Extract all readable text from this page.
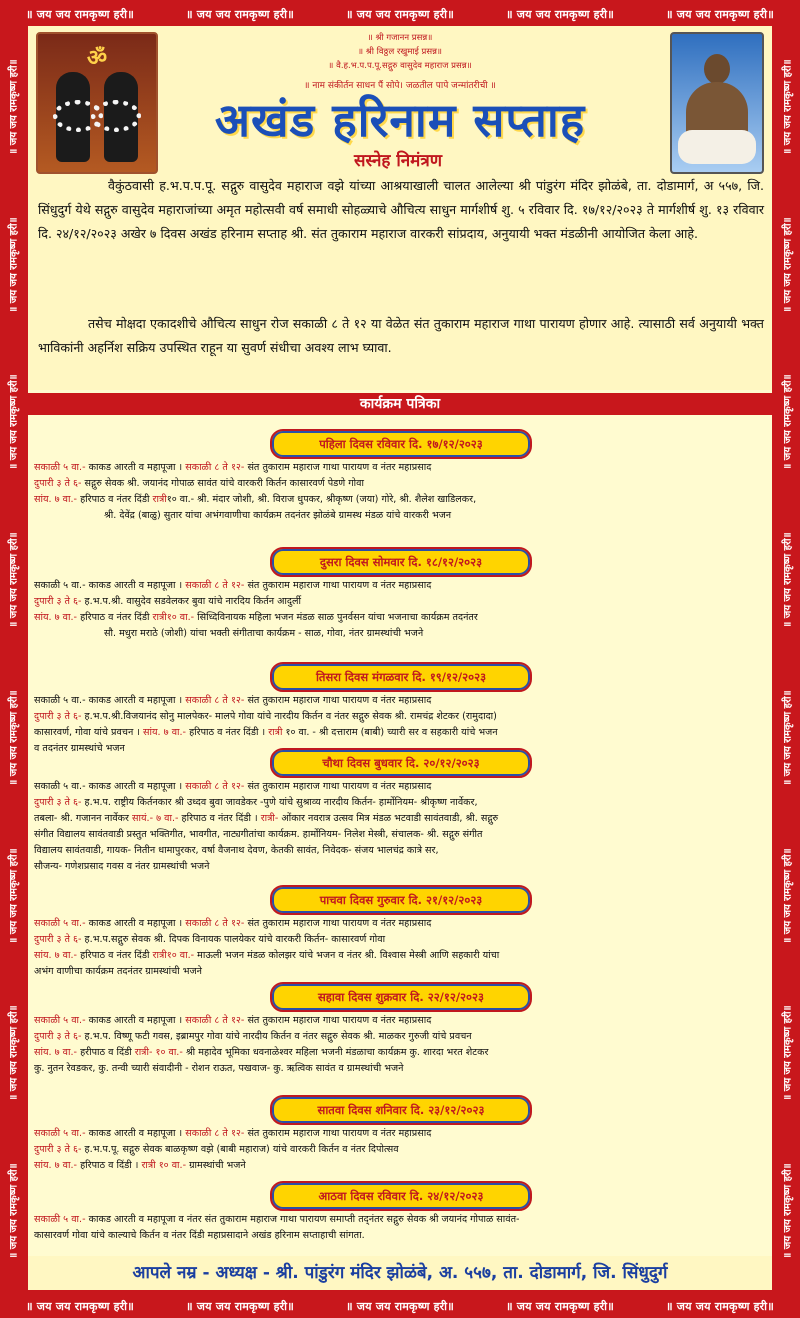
॥ जय जय रामकृष्ण हरी॥	॥ जय जय रामकृष्ण हरी॥	॥ जय जय रामकृष्ण हरी॥	॥ जय जय रामकृष्ण हरी॥	॥ जय जय रामकृष्ण हरी॥
॥ जय जय रामकृष्ण हरी॥	॥ जय जय रामकृष्ण हरी॥	॥ जय जय रामकृष्ण हरी॥	॥ जय जय रामकृष्ण हरी॥	॥ जय जय रामकृष्ण हरी॥
॥ जय जय रामकृष्ण हरी॥
॥ जय जय रामकृष्ण हरी॥
॥ जय जय रामकृष्ण हरी॥
॥ जय जय रामकृष्ण हरी॥
॥ जय जय रामकृष्ण हरी॥
॥ जय जय रामकृष्ण हरी॥
॥ जय जय रामकृष्ण हरी॥
॥ जय जय रामकृष्ण हरी॥
॥ जय जय रामकृष्ण हरी॥
॥ जय जय रामकृष्ण हरी॥
॥ जय जय रामकृष्ण हरी॥
॥ जय जय रामकृष्ण हरी॥
॥ जय जय रामकृष्ण हरी॥
॥ जय जय रामकृष्ण हरी॥
॥ जय जय रामकृष्ण हरी॥
॥ जय जय रामकृष्ण हरी॥
ॐ
॥ श्री गजानन प्रसन्न॥
॥ श्री विठ्ठल रखुमाई प्रसन्न॥
॥ वै.ह.भ.प.प.पू.सद्गुरु वासुदेव महाराज प्रसन्न॥
॥ नाम संकीर्तन साधन पैं सोपे। जळतील पापे जन्मांतरीची ॥
अखंड हरिनाम सप्ताह
सस्नेह निमंत्रण
वैकुंठवासी ह.भ.प.प.पू. सद्गुरु वासुदेव महाराज वझे यांच्या आश्रयाखाली चालत आलेल्या श्री पांडुरंग मंदिर झोळंबे, ता. दोडामार्ग, अ ५५७, जि. सिंधुदुर्ग येथे सद्गुरु वासुदेव महाराजांच्या अमृत महोत्सवी वर्ष समाधी सोहळ्याचे औचित्य साधुन मार्गशीर्ष शु. ५ रविवार दि. १७/१२/२०२३ ते मार्गशीर्ष शु. १३ रविवार दि. २४/१२/२०२३ अखेर ७ दिवस अखंड हरिनाम सप्ताह श्री. संत तुकाराम महाराज वारकरी सांप्रदाय, अनुयायी भक्त मंडळीनी आयोजित केला आहे.
तसेच मोक्षदा एकादशीचे औचित्य साधुन रोज सकाळी ८ ते १२ या वेळेत संत तुकाराम महाराज गाथा पारायण होणार आहे. त्यासाठी सर्व अनुयायी भक्त भाविकांनी अहर्निश सक्रिय उपस्थित राहून या सुवर्ण संधीचा अवश्य लाभ घ्यावा.
कार्यक्रम पत्रिका
पहिला दिवस रविवार दि. १७/१२/२०२३
सकाळी ५ वा.- काकड आरती व महापूजा । सकाळी ८ ते १२- संत तुकाराम महाराज गाथा पारायण व नंतर महाप्रसाद
दुपारी ३ ते ६- सद्गुरु सेवक श्री. जयानंद गोपाळ सावंत यांचे वारकरी किर्तन कासारवर्ण पेडणे गोवा
सांय. ७ वा.- हरिपाठ व नंतर दिंडी रात्री१० वा.- श्री. मंदार जोशी, श्री. विराज धुपकर, श्रीकृष्ण (जया) गोरे, श्री. शैलेश खाडिलकर,
श्री. देवेंद्र (बाळु) सुतार यांचा अभंगवाणीचा कार्यक्रम तदनंतर झोळंबे ग्रामस्थ मंडळ यांचे वारकरी भजन
दुसरा दिवस सोमवार दि. १८/१२/२०२३
सकाळी ५ वा.- काकड आरती व महापूजा । सकाळी ८ ते १२- संत तुकाराम महाराज गाथा पारायण व नंतर महाप्रसाद
दुपारी ३ ते ६- ह.भ.प.श्री. वासुदेव सडवेलकर बुवा यांचे नारदिय किर्तन आदुर्ली
सांय. ७ वा.- हरिपाठ व नंतर दिंडी रात्री१० वा.- सिध्दिविनायक महिला भजन मंडळ साळ पुनर्वसन यांचा भजनाचा कार्यक्रम तदनंतर
सौ. मधुरा मराठे (जोशी) यांचा भक्ती संगीताचा कार्यक्रम - साळ, गोवा, नंतर ग्रामस्थांची भजने
तिसरा दिवस मंगळवार दि. १९/१२/२०२३
सकाळी ५ वा.- काकड आरती व महापूजा । सकाळी ८ ते १२- संत तुकाराम महाराज गाथा पारायण व नंतर महाप्रसाद
दुपारी ३ ते ६- ह.भ.प.श्री.विजयानंद सोनु मालपेकर- मालपे गोवा यांचे नारदीय किर्तन व नंतर सद्गुरु सेवक श्री. रामचंद्र शेटकर (रामुदादा)
कासारवर्ण, गोवा यांचे प्रवचन । सांय. ७ वा.- हरिपाठ व नंतर दिंडी । रात्री १० वा. - श्री दत्ताराम (बाबी) च्यारी सर व सहकारी यांचे भजन
व तदनंतर ग्रामस्थांचे भजन
चौथा दिवस बुधवार दि. २०/१२/२०२३
सकाळी ५ वा.- काकड आरती व महापूजा । सकाळी ८ ते १२- संत तुकाराम महाराज गाथा पारायण व नंतर महाप्रसाद
दुपारी ३ ते ६- ह.भ.प. राष्ट्रीय किर्तनकार श्री उध्दव बुवा जावडेकर -पुणे यांचे सुश्राव्य नारदीय किर्तन- हार्मोनियम- श्रीकृष्ण नार्वेकर,
तबला- श्री. गजानन नार्वेकर सायं.- ७ वा.- हरिपाठ व नंतर दिंडी । रात्री- ओंकार नवरात्र उत्सव मित्र मंडळ भटवाडी सावंतवाडी, श्री. सद्गुरु
संगीत विद्यालय सावंतवाडी प्रस्तुत भक्तिगीत, भावगीत, नाट्यगीतांचा कार्यक्रम. हार्मोनियम- निलेश मेस्त्री, संचालक- श्री. सद्गुरु संगीत
विद्यालय सावंतवाडी, गायक- नितीन धामापुरकर, वर्षा वैजनाथ देवण, केतकी सावंत, निवेदक- संजय भालचंद्र कात्रे सर,
सौजन्य- गणेशप्रसाद गवस व नंतर ग्रामस्थांची भजने
पाचवा दिवस गुरुवार दि. २१/१२/२०२३
सकाळी ५ वा.- काकड आरती व महापूजा । सकाळी ८ ते १२- संत तुकाराम महाराज गाथा पारायण व नंतर महाप्रसाद
दुपारी ३ ते ६- ह.भ.प.सद्गुरु सेवक श्री. दिपक विनायक पालयेकर यांचे वारकरी किर्तन- कासारवर्ण गोवा
सांय. ७ वा.- हरिपाठ व नंतर दिंडी रात्री१० वा.- माऊली भजन मंडळ कोलझर यांचे भजन व नंतर श्री. विश्वास मेस्त्री आणि सहकारी यांचा
अभंग वाणीचा कार्यक्रम तदनंतर ग्रामस्थांची भजने
सहावा दिवस शुक्रवार दि. २२/१२/२०२३
सकाळी ५ वा.- काकड आरती व महापूजा । सकाळी ८ ते १२- संत तुकाराम महाराज गाथा पारायण व नंतर महाप्रसाद
दुपारी ३ ते ६- ह.भ.प. विष्णू फटी गवस, इब्रामपुर गोवा यांचे नारदीय किर्तन व नंतर सद्गुरु सेवक श्री. माळकर गुरुजी यांचे प्रवचन
सांय. ७ वा.- हरीपाठ व दिंडी रात्री- १० वा.- श्री महादेव भूमिका धवनाळेश्वर महिला भजनी मंडळाचा कार्यक्रम कु. शारदा भरत शेटकर
कु. नुतन रेवडकर, कु. तन्वी च्यारी संवादीनी - रोशन राऊत, पखवाज- कु. ऋत्विक सावंत व ग्रामस्थांची भजने
सातवा दिवस शनिवार दि. २३/१२/२०२३
सकाळी ५ वा.- काकड आरती व महापूजा । सकाळी ८ ते १२- संत तुकाराम महाराज गाथा पारायण व नंतर महाप्रसाद
दुपारी ३ ते ६- ह.भ.प.पू. सद्गुरु सेवक बाळकृष्ण वझे (बाबी महाराज) यांचे वारकरी किर्तन व नंतर दिपोत्सव
सांय. ७ वा.- हरिपाठ व दिंडी । रात्री १० वा.- ग्रामस्थांची भजने
आठवा दिवस रविवार दि. २४/१२/२०२३
सकाळी ५ वा.- काकड आरती व महापूजा व नंतर संत तुकाराम महाराज गाथा पारायण समाप्ती तद्नंतर सद्गुरु सेवक श्री जयानंद गोपाळ सावंत-
कासारवर्ण गोवा यांचे काल्याचे किर्तन व नंतर दिंडी महाप्रसादाने अखंड हरिनाम सप्ताहाची सांगता.
आपले नम्र - अध्यक्ष - श्री. पांडुरंग मंदिर झोळंबे, अ. ५५७, ता. दोडामार्ग, जि. सिंधुदुर्ग
